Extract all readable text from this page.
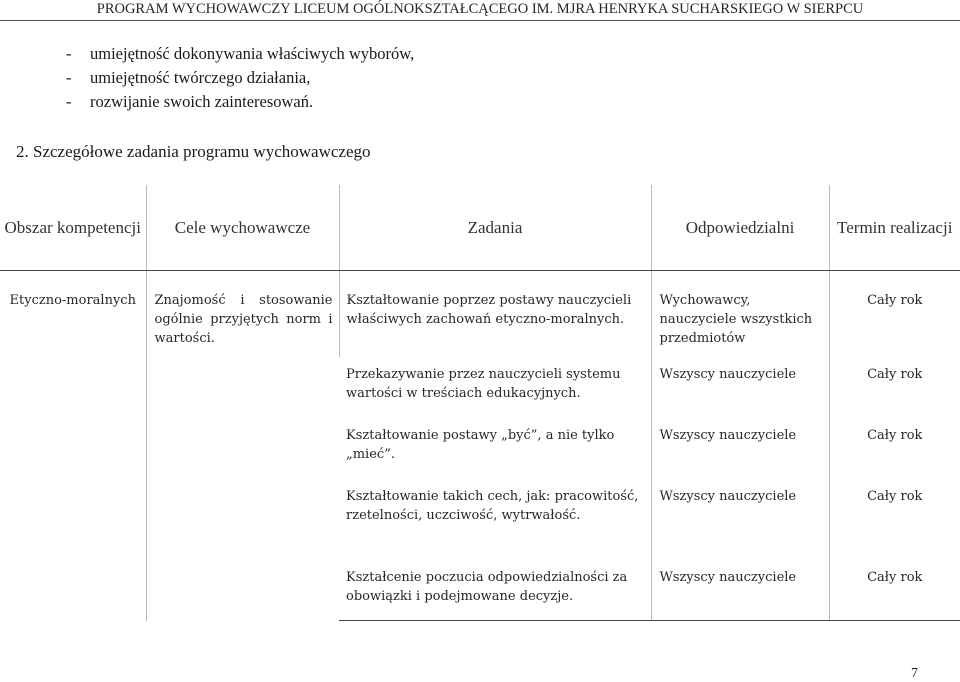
PROGRAM WYCHOWAWCZY LICEUM OGÓLNOKSZTAŁCĄCEGO IM. MJRA HENRYKA SUCHARSKIEGO W SIERPCU
- umiejętność dokonywania właściwych wyborów,
- umiejętność twórczego działania,
- rozwijanie swoich zainteresowań.
2. Szczegółowe zadania programu wychowawczego
Obszar kompetencji	Cele wychowawcze	Zadania	Odpowiedzialni	Termin realizacji
Etyczno-moralnych	Znajomość i stosowanie ogólnie przyjętych norm i wartości.	Kształtowanie poprzez postawy nauczycieli właściwych zachowań etyczno-moralnych.	Wychowawcy, nauczyciele wszystkich przedmiotów	Cały rok
		Przekazywanie przez nauczycieli systemu wartości w treściach edukacyjnych.	Wszyscy nauczyciele	Cały rok
		Kształtowanie postawy „być”, a nie tylko „mieć”.	Wszyscy nauczyciele	Cały rok
		Kształtowanie takich cech, jak: pracowitość, rzetelności, uczciwość, wytrwałość.	Wszyscy nauczyciele	Cały rok
		Kształcenie poczucia odpowiedzialności za obowiązki i podejmowane decyzje.	Wszyscy nauczyciele	Cały rok
7
